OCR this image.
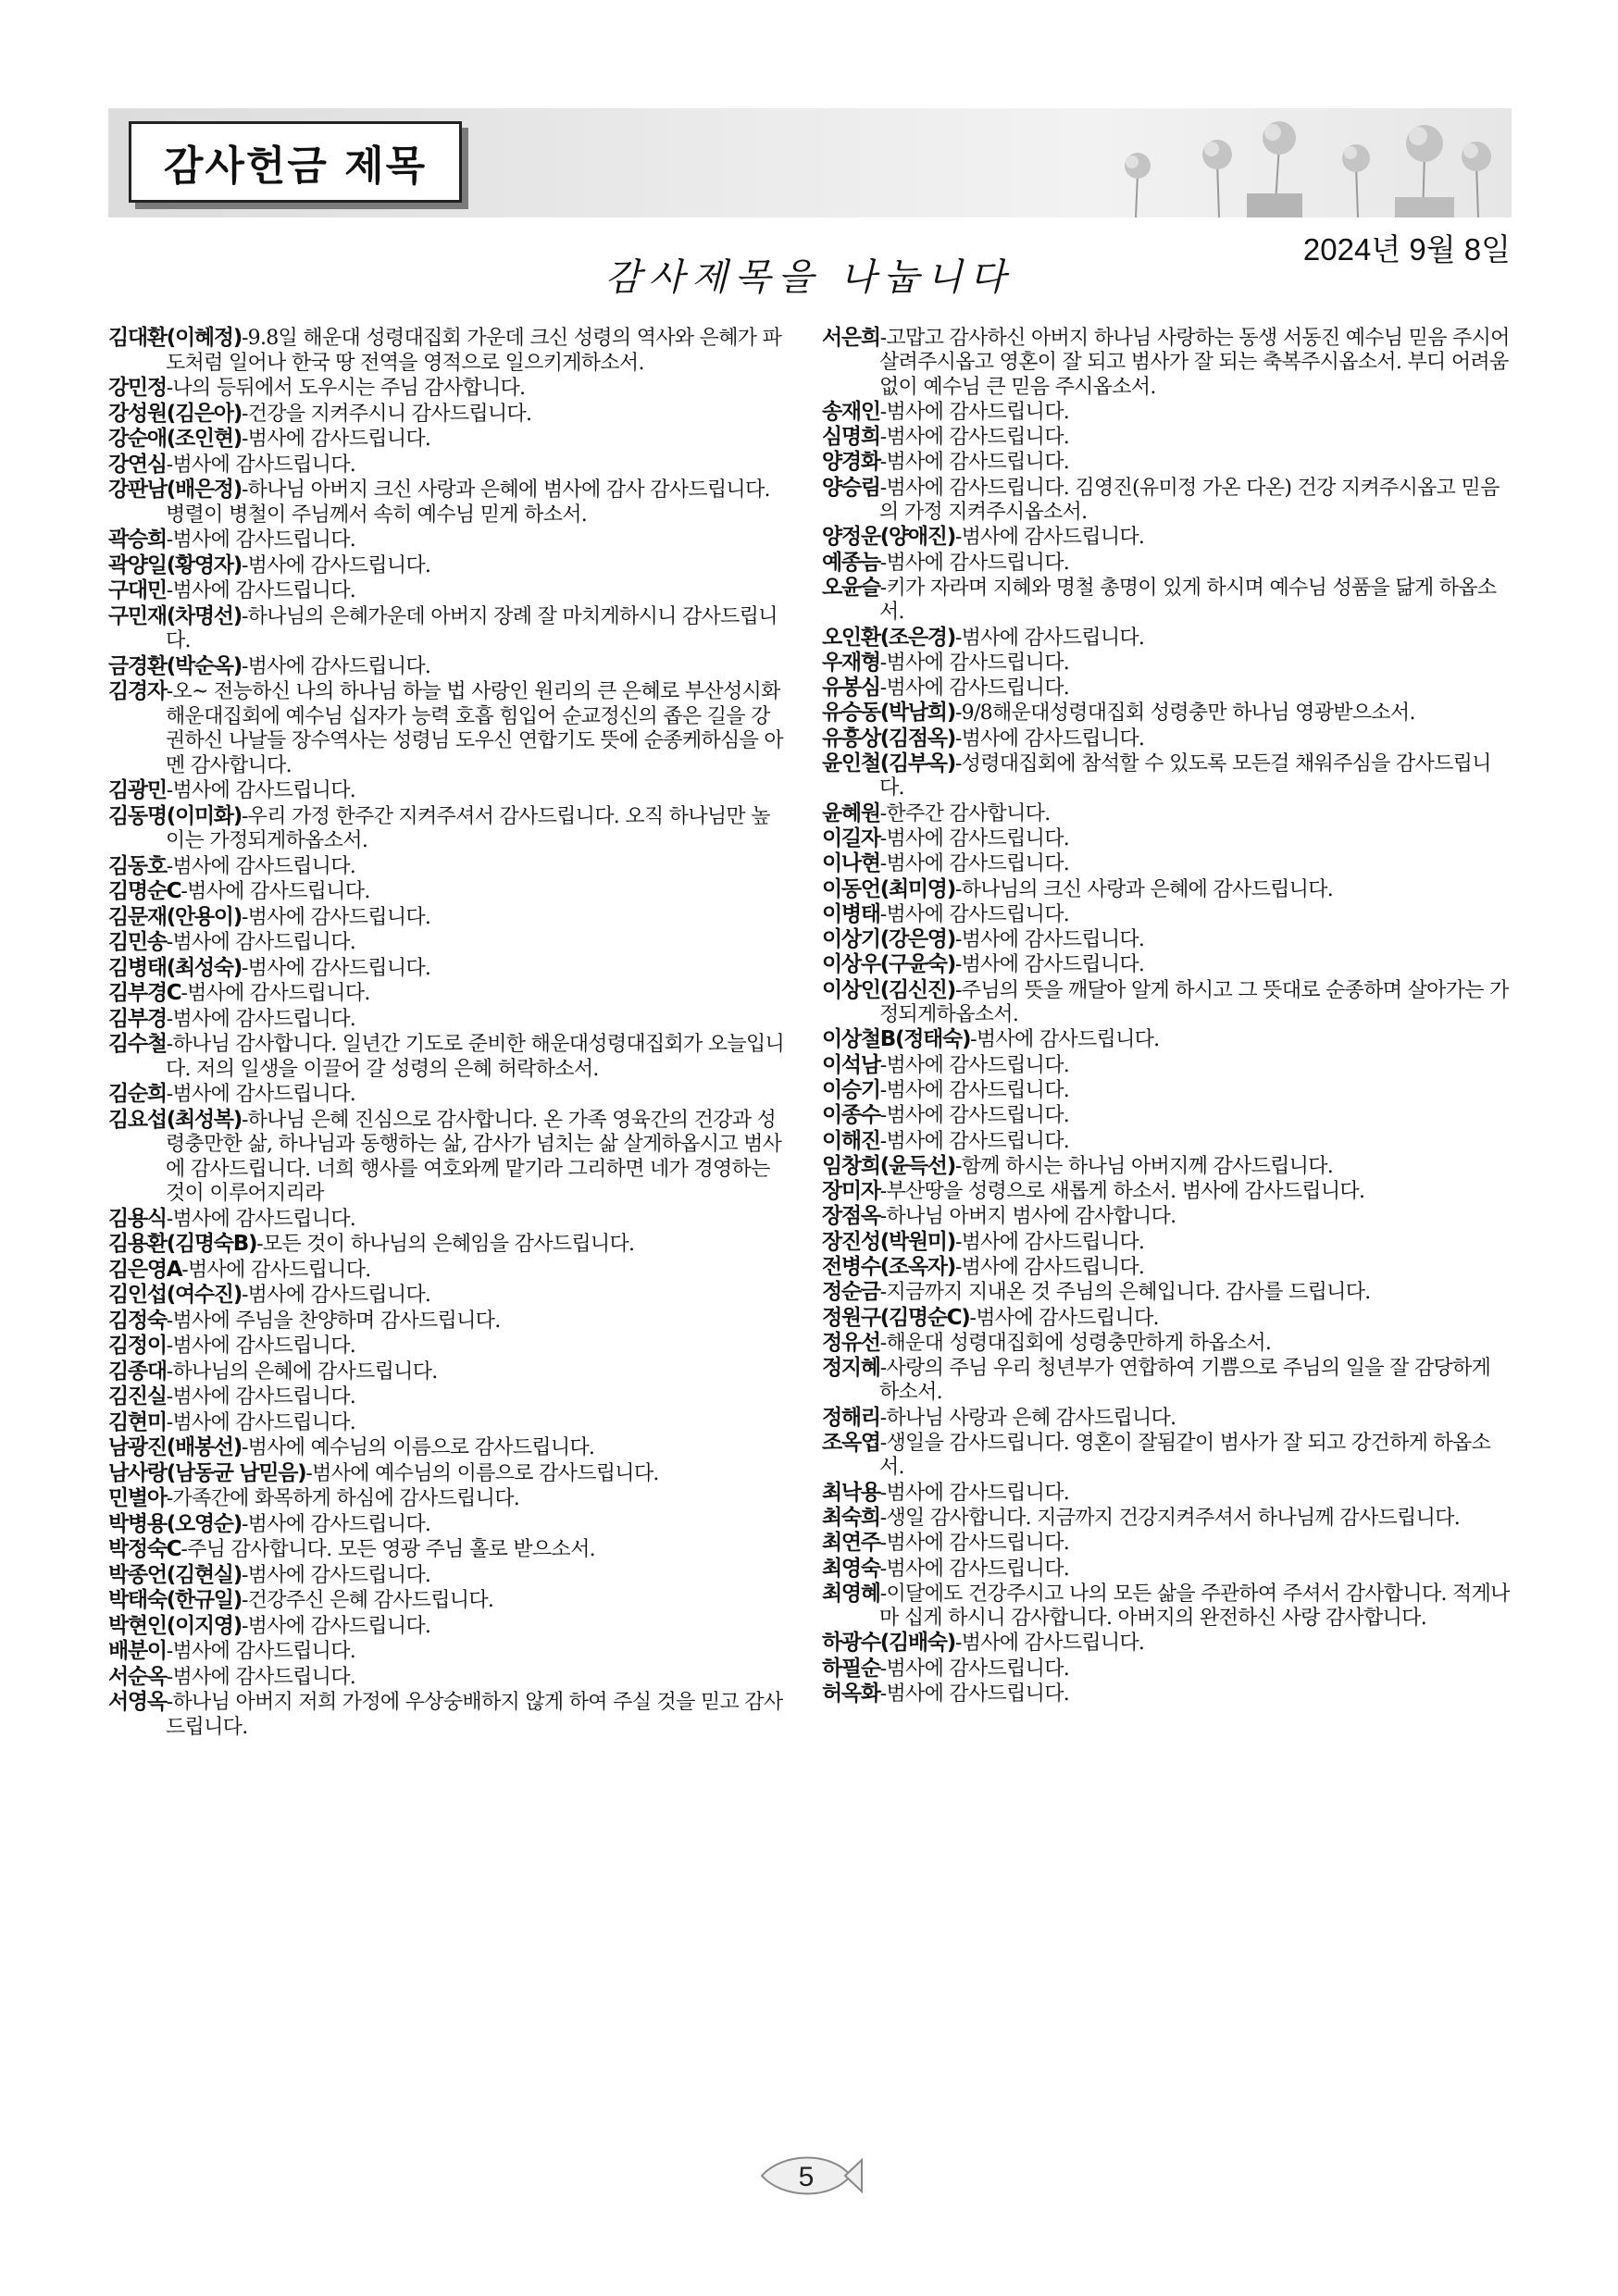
감사헌금 제목
2024년 9월 8일
감사제목을 나눕니다
김대환(이혜정)-9.8일 해운대 성령대집회 가운데 크신 성령의 역사와 은혜가 파도처럼 일어나 한국 땅 전역을 영적으로 일으키게하소서.
강민정-나의 등뒤에서 도우시는 주님 감사합니다.
강성원(김은아)-건강을 지켜주시니 감사드립니다.
강순애(조인현)-범사에 감사드립니다.
강연심-범사에 감사드립니다.
강판남(배은정)-하나님 아버지 크신 사랑과 은혜에 범사에 감사 감사드립니다. 병렬이 병철이 주님께서 속히 예수님 믿게 하소서.
곽승희-범사에 감사드립니다.
곽양일(황영자)-범사에 감사드립니다.
구대민-범사에 감사드립니다.
구민재(차명선)-하나님의 은혜가운데 아버지 장례 잘 마치게하시니 감사드립니다.
금경환(박순옥)-범사에 감사드립니다.
김경자-오~ 전능하신 나의 하나님 하늘 법 사랑인 원리의 큰 은혜로 부산성시화해운대집회에 예수님 십자가 능력 호흡 힘입어 순교정신의 좁은 길을 강권하신 나날들 장수역사는 성령님 도우신 연합기도 뜻에 순종케하심을 아멘 감사합니다.
김광민-범사에 감사드립니다.
김동명(이미화)-우리 가정 한주간 지켜주셔서 감사드립니다. 오직 하나님만 높이는 가정되게하옵소서.
김동호-범사에 감사드립니다.
김명순C-범사에 감사드립니다.
김문재(안용이)-범사에 감사드립니다.
김민송-범사에 감사드립니다.
김병태(최성숙)-범사에 감사드립니다.
김부경C-범사에 감사드립니다.
김부경-범사에 감사드립니다.
김수철-하나님 감사합니다. 일년간 기도로 준비한 해운대성령대집회가 오늘입니다. 저의 일생을 이끌어 갈 성령의 은혜 허락하소서.
김순희-범사에 감사드립니다.
김요섭(최성복)-하나님 은혜 진심으로 감사합니다. 온 가족 영육간의 건강과 성령충만한 삶, 하나님과 동행하는 삶, 감사가 넘치는 삶 살게하옵시고 범사에 감사드립니다. 너희 행사를 여호와께 맡기라 그리하면 네가 경영하는 것이 이루어지리라
김용식-범사에 감사드립니다.
김용환(김명숙B)-모든 것이 하나님의 은혜임을 감사드립니다.
김은영A-범사에 감사드립니다.
김인섭(여수진)-범사에 감사드립니다.
김정숙-범사에 주님을 찬양하며 감사드립니다.
김정이-범사에 감사드립니다.
김종대-하나님의 은혜에 감사드립니다.
김진실-범사에 감사드립니다.
김현미-범사에 감사드립니다.
남광진(배봉선)-범사에 예수님의 이름으로 감사드립니다.
남사랑(남동균 남믿음)-범사에 예수님의 이름으로 감사드립니다.
민별아-가족간에 화목하게 하심에 감사드립니다.
박병용(오영순)-범사에 감사드립니다.
박정숙C-주님 감사합니다. 모든 영광 주님 홀로 받으소서.
박종언(김현실)-범사에 감사드립니다.
박태숙(한규일)-건강주신 은혜 감사드립니다.
박현인(이지영)-범사에 감사드립니다.
배분이-범사에 감사드립니다.
서순옥-범사에 감사드립니다.
서영옥-하나님 아버지 저희 가정에 우상숭배하지 않게 하여 주실 것을 믿고 감사드립니다.
서은희-고맙고 감사하신 아버지 하나님 사랑하는 동생 서동진 예수님 믿음 주시어 살려주시옵고 영혼이 잘 되고 범사가 잘 되는 축복주시옵소서. 부디 어려움없이 예수님 큰 믿음 주시옵소서.
송재인-범사에 감사드립니다.
심명희-범사에 감사드립니다.
양경화-범사에 감사드립니다.
양승림-범사에 감사드립니다. 김영진(유미정 가온 다온) 건강 지켜주시옵고 믿음의 가정 지켜주시옵소서.
양정운(양애진)-범사에 감사드립니다.
예종늠-범사에 감사드립니다.
오윤슬-키가 자라며 지혜와 명철 총명이 있게 하시며 예수님 성품을 닮게 하옵소서.
오인환(조은경)-범사에 감사드립니다.
우재형-범사에 감사드립니다.
유봉심-범사에 감사드립니다.
유승동(박남희)-9/8해운대성령대집회 성령충만 하나님 영광받으소서.
유흥상(김점옥)-범사에 감사드립니다.
윤인철(김부옥)-성령대집회에 참석할 수 있도록 모든걸 채워주심을 감사드립니다.
윤혜원-한주간 감사합니다.
이길자-범사에 감사드립니다.
이나현-범사에 감사드립니다.
이동언(최미영)-하나님의 크신 사랑과 은혜에 감사드립니다.
이병태-범사에 감사드립니다.
이상기(강은영)-범사에 감사드립니다.
이상우(구윤숙)-범사에 감사드립니다.
이상인(김신진)-주님의 뜻을 깨달아 알게 하시고 그 뜻대로 순종하며 살아가는 가정되게하옵소서.
이상철B(정태숙)-범사에 감사드립니다.
이석남-범사에 감사드립니다.
이승기-범사에 감사드립니다.
이종수-범사에 감사드립니다.
이해진-범사에 감사드립니다.
임창희(윤득선)-함께 하시는 하나님 아버지께 감사드립니다.
장미자-부산땅을 성령으로 새롭게 하소서. 범사에 감사드립니다.
장점옥-하나님 아버지 범사에 감사합니다.
장진성(박원미)-범사에 감사드립니다.
전병수(조옥자)-범사에 감사드립니다.
정순금-지금까지 지내온 것 주님의 은혜입니다. 감사를 드립니다.
정원구(김명순C)-범사에 감사드립니다.
정유선-해운대 성령대집회에 성령충만하게 하옵소서.
정지혜-사랑의 주님 우리 청년부가 연합하여 기쁨으로 주님의 일을 잘 감당하게 하소서.
정해리-하나님 사랑과 은혜 감사드립니다.
조옥엽-생일을 감사드립니다. 영혼이 잘됨같이 범사가 잘 되고 강건하게 하옵소서.
최낙용-범사에 감사드립니다.
최숙희-생일 감사합니다. 지금까지 건강지켜주셔서 하나님께 감사드립니다.
최연주-범사에 감사드립니다.
최영숙-범사에 감사드립니다.
최영혜-이달에도 건강주시고 나의 모든 삶을 주관하여 주셔서 감사합니다. 적게나마 십게 하시니 감사합니다. 아버지의 완전하신 사랑 감사합니다.
하광수(김배숙)-범사에 감사드립니다.
하필순-범사에 감사드립니다.
허옥화-범사에 감사드립니다.
5
